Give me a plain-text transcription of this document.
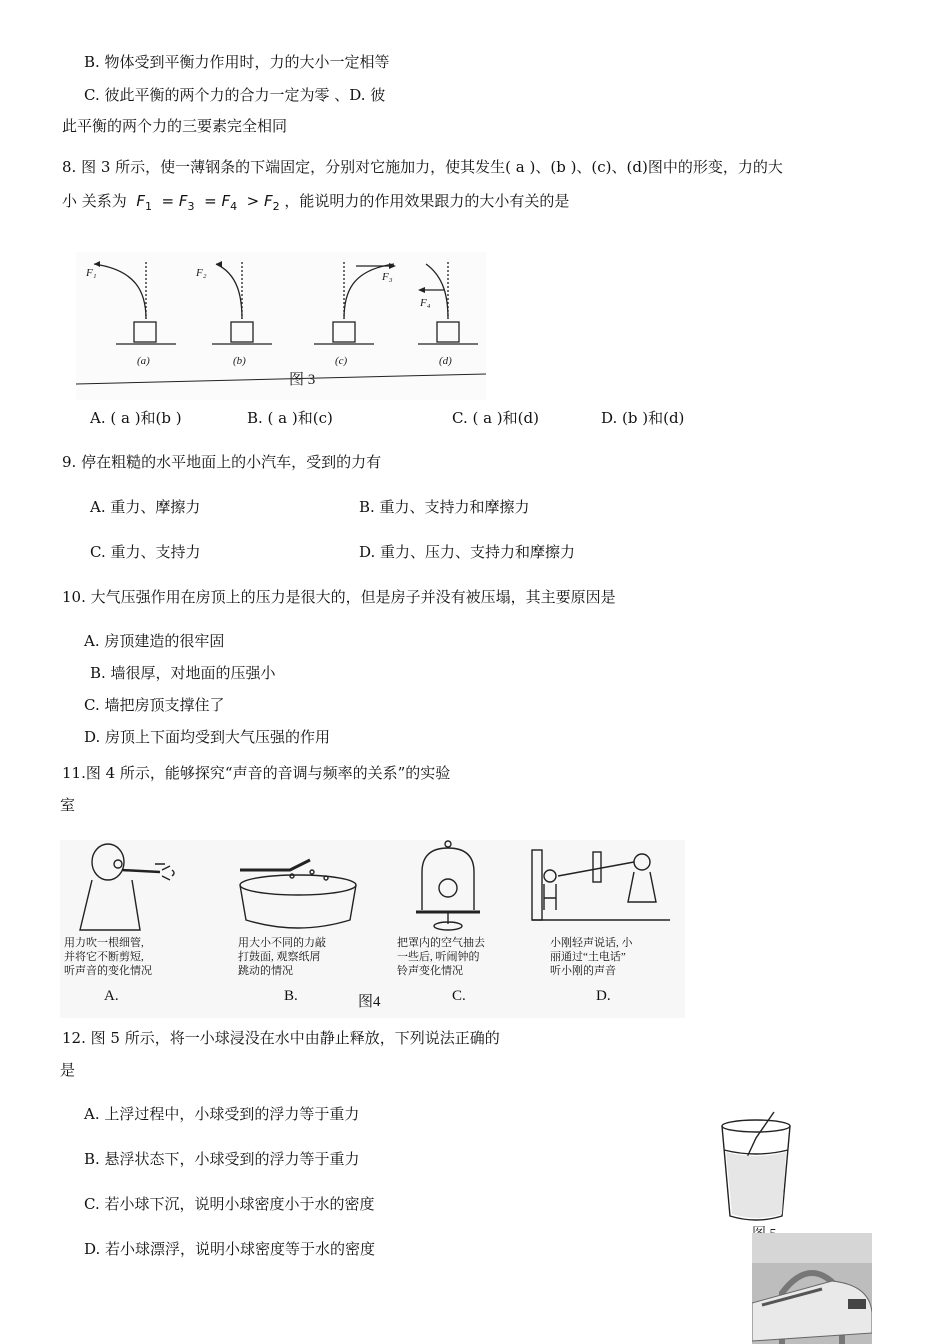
B. 物体受到平衡力作用时，力的大小一定相等
C. 彼此平衡的两个力的合力一定为零 、D. 彼
此平衡的两个力的三要素完全相同
8. 图 3 所示，使一薄钢条的下端固定，分别对它施加力，使其发生( a )、(b )、(c)、(d)图中的形变，力的大
小 关系为 $F_1 = F_3 = F_4 > F_2$ ，能说明力的作用效果跟力的大小有关的是
F₁	F₂	F₃
F₄
(a)	(b)	(c)	(d)
图 3
A. ( a )和(b )	B. ( a )和(c)	C. ( a )和(d)	D. (b )和(d)
9. 停在粗糙的水平地面上的小汽车，受到的力有
A. 重力、摩擦力	B. 重力、支持力和摩擦力
C. 重力、支持力	D. 重力、压力、支持力和摩擦力
10. 大气压强作用在房顶上的压力是很大的，但是房子并没有被压塌，其主要原因是
A. 房顶建造的很牢固
B. 墙很厚，对地面的压强小
C. 墙把房顶支撑住了
D. 房顶上下面均受到大气压强的作用
11.图 4 所示，能够探究“声音的音调与频率的关系”的实验
室
用力吹一根细管,
并将它不断剪短,
听声音的变化情况
用大小不同的力敲
打鼓面, 观察纸屑
跳动的情况
把罩内的空气抽去
一些后, 听闹钟的
铃声变化情况
小刚轻声说话, 小
丽通过“土电话”
听小刚的声音
A.	B.	C.	D.
图4
12. 图 5 所示，将一小球浸没在水中由静止释放，下列说法正确的
是
A. 上浮过程中，小球受到的浮力等于重力
B. 悬浮状态下，小球受到的浮力等于重力
C. 若小球下沉，说明小球密度小于水的密度
D. 若小球漂浮，说明小球密度等于水的密度
